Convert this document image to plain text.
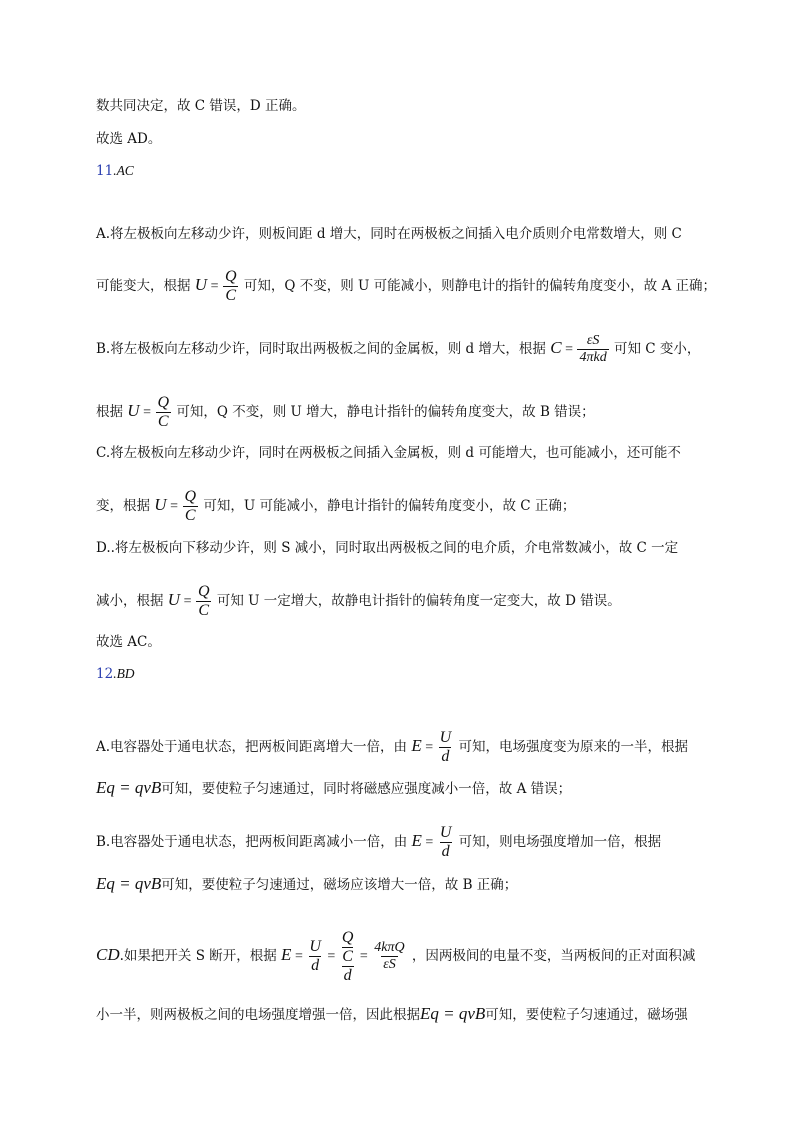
数共同决定，故 C 错误，D 正确。
故选 AD。
11.AC
A.将左极板向左移动少许，则板间距 d 增大，同时在两极板之间插入电介质则介电常数增大，则 C
可能变大，根据 $U = \frac{Q}{C}$ 可知，Q 不变，则 U 可能减小，则静电计的指针的偏转角度变小，故 A 正确；
B.将左极板向左移动少许，同时取出两极板之间的金属板，则 d 增大，根据 $C = \frac{\varepsilon S}{\text{4πkd}}$ 可知 C 变小，
根据 $U = \frac{Q}{C}$ 可知，Q 不变，则 U 增大，静电计指针的偏转角度变大，故 B 错误；
C.将左极板向左移动少许，同时在两极板之间插入金属板，则 d 可能增大，也可能减小，还可能不
变，根据 $U = \frac{Q}{C}$ 可知，U 可能减小，静电计指针的偏转角度变小，故 C 正确；
D..将左极板向下移动少许，则 S 减小，同时取出两极板之间的电介质，介电常数减小，故 C 一定
减小，根据 $U = \frac{Q}{C}$ 可知 U 一定增大，故静电计指针的偏转角度一定变大，故 D 错误。
故选 AC。
12.BD
A.电容器处于通电状态，把两板间距离增大一倍，由 $E = \frac{U}{d}$ 可知，电场强度变为原来的一半，根据
Eq = qvB可知，要使粒子匀速通过，同时将磁感应强度减小一倍，故 A 错误；
B.电容器处于通电状态，把两板间距离减小一倍，由 $E = \frac{U}{d}$ 可知，则电场强度增加一倍，根据
Eq = qvB可知，要使粒子匀速通过，磁场应该增大一倍，故 B 正确；
CD.如果把开关 S 断开，根据 $E = \frac{U}{d} = \frac{\frac{Q}{C}}{d} = \frac{\text{4kπQ}}{\varepsilon S}$ ，因两极间的电量不变，当两板间的正对面积减
小一半，则两极板之间的电场强度增强一倍，因此根据Eq = qvB可知，要使粒子匀速通过，磁场强
